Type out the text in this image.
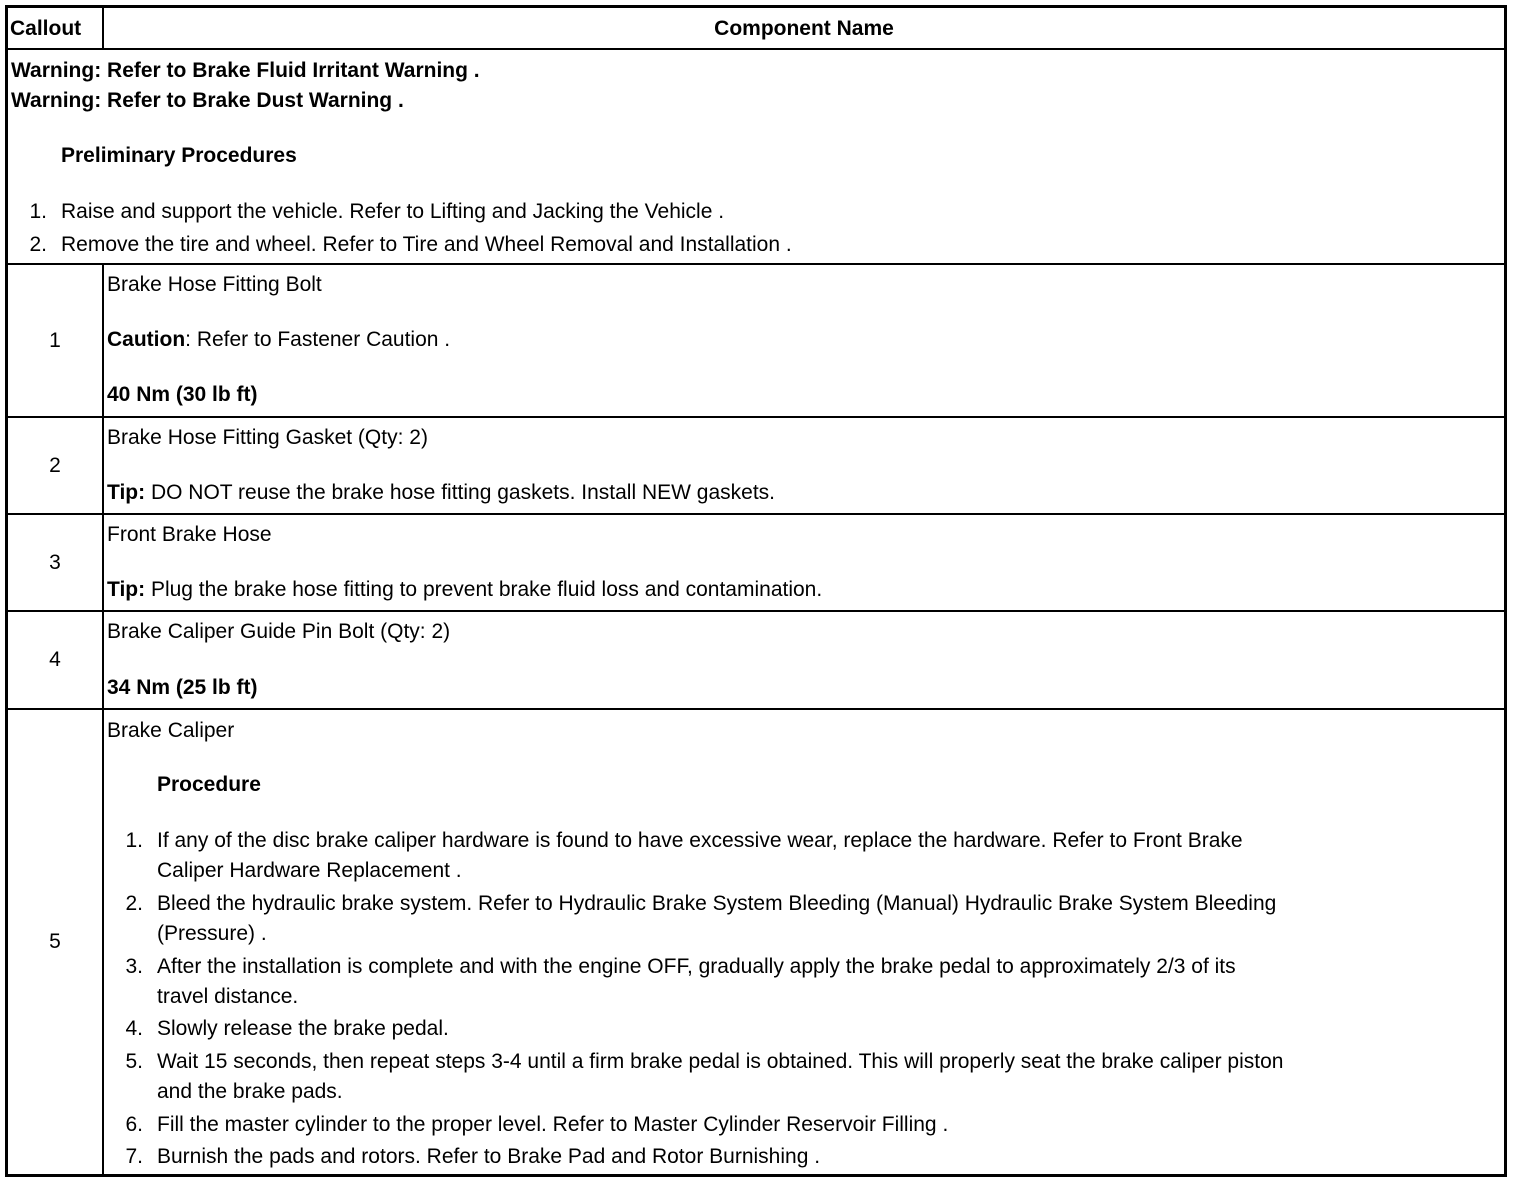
Callout	Component Name
Warning: Refer to Brake Fluid Irritant Warning .
Warning: Refer to Brake Dust Warning .
Preliminary Procedures
1. Raise and support the vehicle. Refer to Lifting and Jacking the Vehicle .
2. Remove the tire and wheel. Refer to Tire and Wheel Removal and Installation .
1
Brake Hose Fitting Bolt
Caution: Refer to Fastener Caution .
40 Nm (30 lb ft)
2
Brake Hose Fitting Gasket (Qty: 2)
Tip: DO NOT reuse the brake hose fitting gaskets. Install NEW gaskets.
3
Front Brake Hose
Tip: Plug the brake hose fitting to prevent brake fluid loss and contamination.
4
Brake Caliper Guide Pin Bolt (Qty: 2)
34 Nm (25 lb ft)
5
Brake Caliper
Procedure
1. If any of the disc brake caliper hardware is found to have excessive wear, replace the hardware. Refer to Front Brake
Caliper Hardware Replacement .
2. Bleed the hydraulic brake system. Refer to Hydraulic Brake System Bleeding (Manual) Hydraulic Brake System Bleeding
(Pressure) .
3. After the installation is complete and with the engine OFF, gradually apply the brake pedal to approximately 2/3 of its
travel distance.
4. Slowly release the brake pedal.
5. Wait 15 seconds, then repeat steps 3-4 until a firm brake pedal is obtained. This will properly seat the brake caliper piston
and the brake pads.
6. Fill the master cylinder to the proper level. Refer to Master Cylinder Reservoir Filling .
7. Burnish the pads and rotors. Refer to Brake Pad and Rotor Burnishing .
